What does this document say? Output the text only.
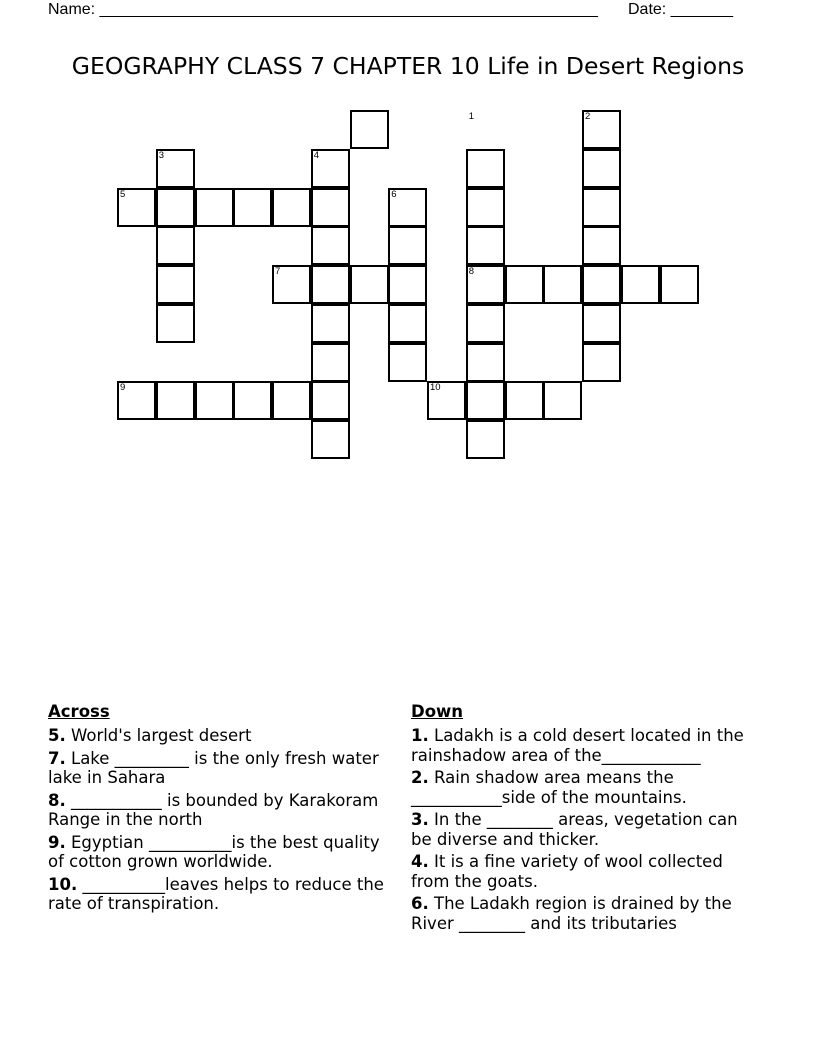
Name: ________________________________________________________ Date: _______
GEOGRAPHY CLASS 7 CHAPTER 10 Life in Desert Regions
1	2
3	4
5	6
7	8
9	10
Across
5. World's largest desert
7. Lake _________ is the only fresh water lake in Sahara
8. ___________ is bounded by Karakoram Range in the north
9. Egyptian __________is the best quality of cotton grown worldwide.
10. __________leaves helps to reduce the rate of transpiration.
Down
1. Ladakh is a cold desert located in the rainshadow area of the____________
2. Rain shadow area means the ___________side of the mountains.
3. In the ________ areas, vegetation can be diverse and thicker.
4. It is a fine variety of wool collected from the goats.
6. The Ladakh region is drained by the River ________ and its tributaries
